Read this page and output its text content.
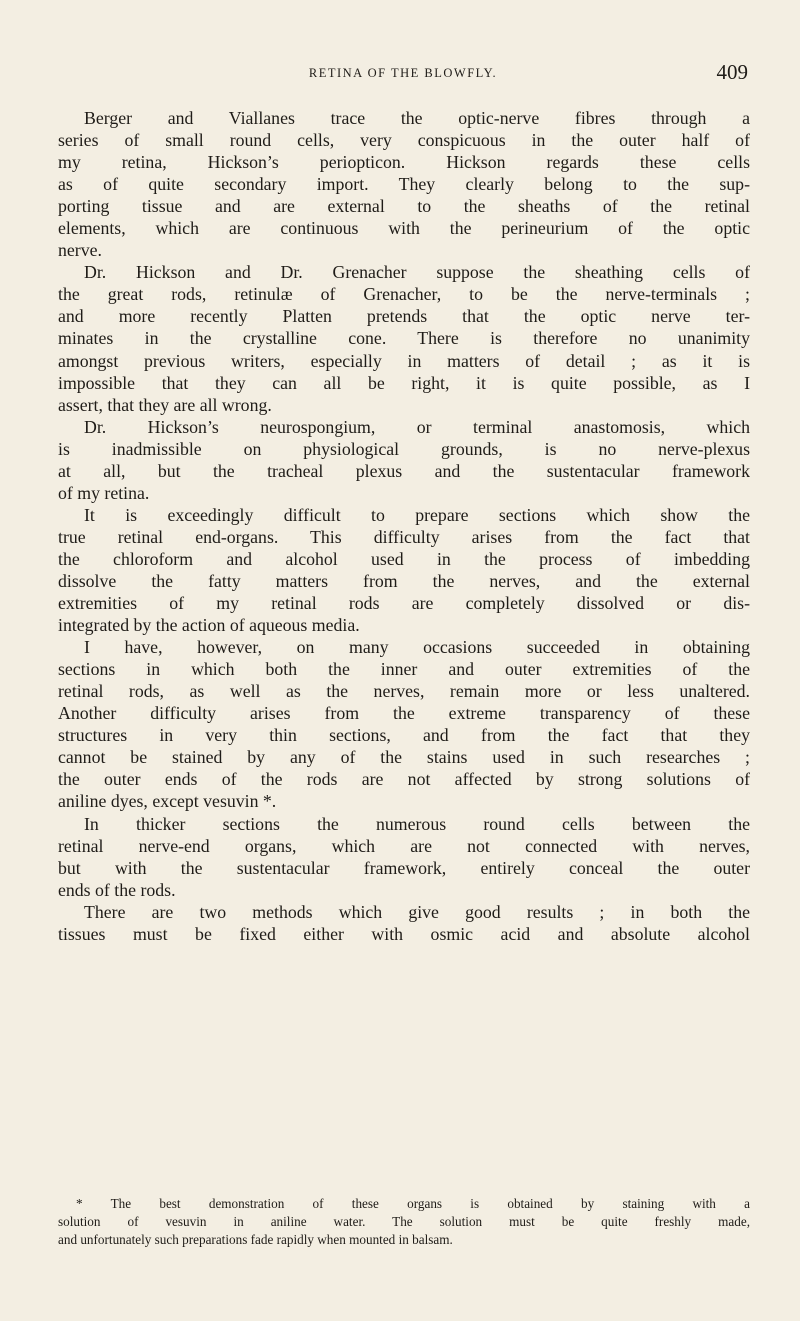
RETINA OF THE BLOWFLY.	409
Berger and Viallanes trace the optic-nerve fibres through a
series of small round cells, very conspicuous in the outer half of
my retina, Hickson’s periopticon. Hickson regards these cells
as of quite secondary import. They clearly belong to the sup-
porting tissue and are external to the sheaths of the retinal
elements, which are continuous with the perineurium of the optic
nerve.
Dr. Hickson and Dr. Grenacher suppose the sheathing cells of
the great rods, retinulæ of Grenacher, to be the nerve-terminals ;
and more recently Platten pretends that the optic nerve ter-
minates in the crystalline cone. There is therefore no unanimity
amongst previous writers, especially in matters of detail ; as it is
impossible that they can all be right, it is quite possible, as I
assert, that they are all wrong.
Dr. Hickson’s neurospongium, or terminal anastomosis, which
is inadmissible on physiological grounds, is no nerve-plexus
at all, but the tracheal plexus and the sustentacular framework
of my retina.
It is exceedingly difficult to prepare sections which show the
true retinal end-organs. This difficulty arises from the fact that
the chloroform and alcohol used in the process of imbedding
dissolve the fatty matters from the nerves, and the external
extremities of my retinal rods are completely dissolved or dis-
integrated by the action of aqueous media.
I have, however, on many occasions succeeded in obtaining
sections in which both the inner and outer extremities of the
retinal rods, as well as the nerves, remain more or less unaltered.
Another difficulty arises from the extreme transparency of these
structures in very thin sections, and from the fact that they
cannot be stained by any of the stains used in such researches ;
the outer ends of the rods are not affected by strong solutions of
aniline dyes, except vesuvin *.
In thicker sections the numerous round cells between the
retinal nerve-end organs, which are not connected with nerves,
but with the sustentacular framework, entirely conceal the outer
ends of the rods.
There are two methods which give good results ; in both the
tissues must be fixed either with osmic acid and absolute alcohol
* The best demonstration of these organs is obtained by staining with a
solution of vesuvin in aniline water. The solution must be quite freshly made,
and unfortunately such preparations fade rapidly when mounted in balsam.
